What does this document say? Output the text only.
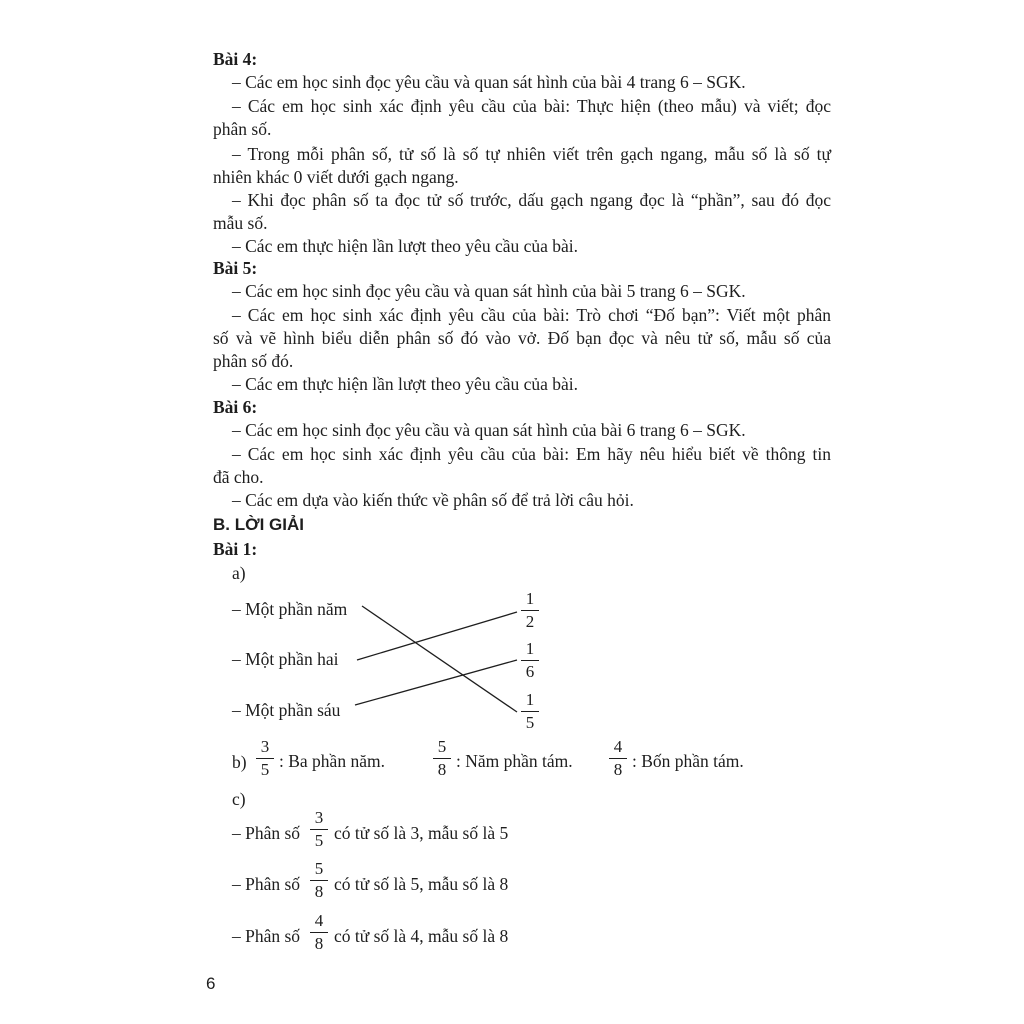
Bài 4:
– Các em học sinh đọc yêu cầu và quan sát hình của bài 4 trang 6 – SGK.
– Các em học sinh xác định yêu cầu của bài: Thực hiện (theo mẫu) và viết; đọc
phân số.
– Trong mỗi phân số, tử số là số tự nhiên viết trên gạch ngang, mẫu số là số tự
nhiên khác 0 viết dưới gạch ngang.
– Khi đọc phân số ta đọc tử số trước, dấu gạch ngang đọc là “phần”, sau đó đọc
mẫu số.
– Các em thực hiện lần lượt theo yêu cầu của bài.
Bài 5:
– Các em học sinh đọc yêu cầu và quan sát hình của bài 5 trang 6 – SGK.
– Các em học sinh xác định yêu cầu của bài: Trò chơi “Đố bạn”: Viết một phân
số và vẽ hình biểu diễn phân số đó vào vở. Đố bạn đọc và nêu tử số, mẫu số của
phân số đó.
– Các em thực hiện lần lượt theo yêu cầu của bài.
Bài 6:
– Các em học sinh đọc yêu cầu và quan sát hình của bài 6 trang 6 – SGK.
– Các em học sinh xác định yêu cầu của bài: Em hãy nêu hiểu biết về thông tin
đã cho.
– Các em dựa vào kiến thức về phân số để trả lời câu hỏi.
B. LỜI GIẢI
Bài 1:
a)
– Một phần năm
– Một phần hai
– Một phần sáu
1
2
1
6
1
5
b)
3
5 : Ba phần năm.
5
8 : Năm phần tám.
4
8 : Bốn phần tám.
c)
– Phân số
3
5 có tử số là 3, mẫu số là 5
– Phân số
5
8 có tử số là 5, mẫu số là 8
– Phân số
4
8 có tử số là 4, mẫu số là 8
6
